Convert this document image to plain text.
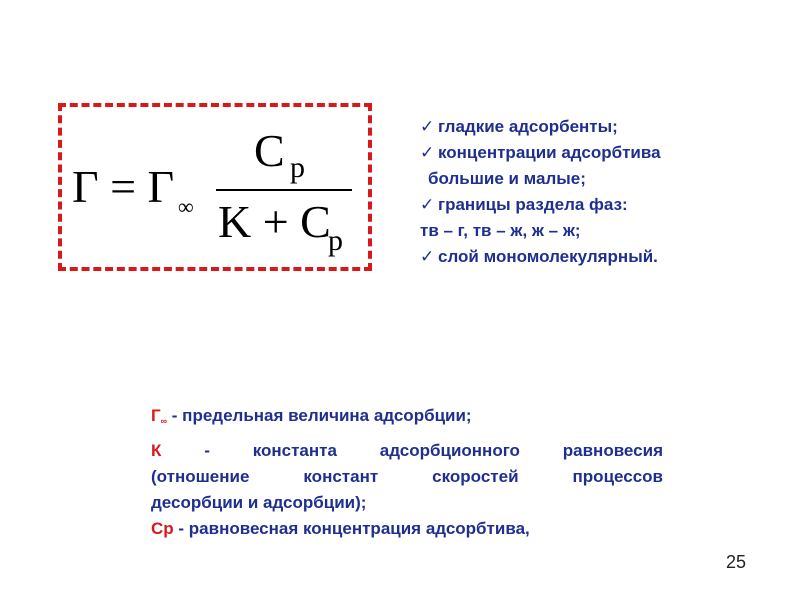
Γ = Γ ∞
C p
K + C
p
✓ гладкие адсорбенты;
✓ концентрации адсорбтива
большие и малые;
✓ границы раздела фаз:
тв – г, тв – ж, ж – ж;
✓ слой мономолекулярный.
Г∞ - предельная величина адсорбции;
К - константа адсорбционного равновесия
(отношение констант скоростей процессов
десорбции и адсорбции);
Ср - равновесная концентрация адсорбтива,
25
